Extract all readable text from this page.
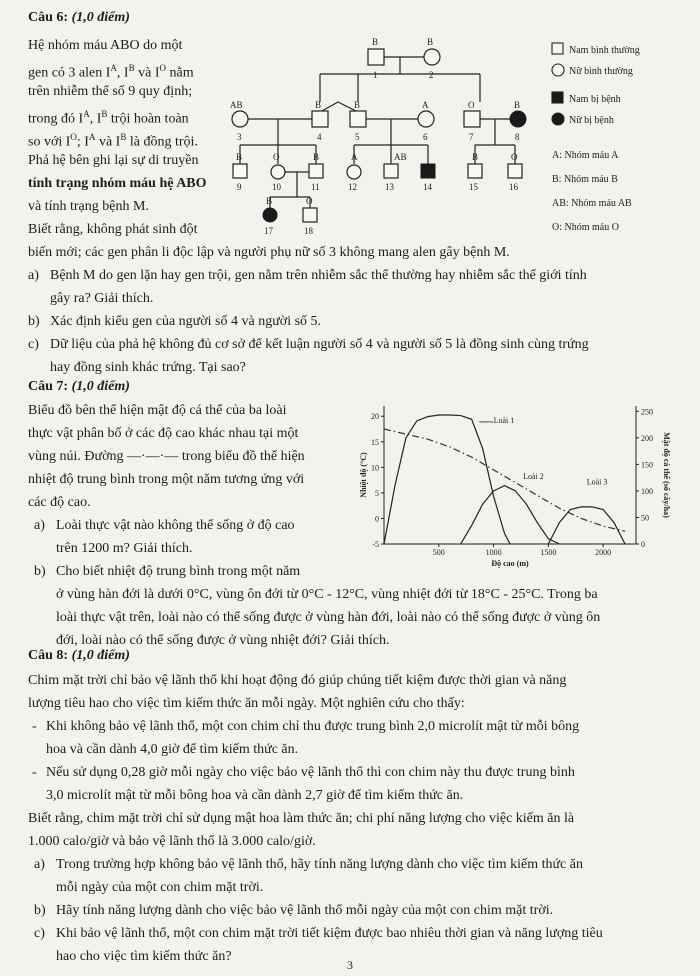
Câu 6: (1,0 điểm)
Hệ nhóm máu ABO do một
gen có 3 alen $I^A$, $I^B$ và $I^O$ nằm
trên nhiễm thể số 9 quy định;
trong đó $I^A$, $I^B$ trội hoàn toàn
so với $I^O$; $I^A$ và $I^B$ là đồng trội.
Phả hệ bên ghi lại sự di truyền
tính trạng nhóm máu hệ ABO
và tính trạng bệnh M.
Biết rằng, không phát sinh đột
biến mới; các gen phân li độc lập và người phụ nữ số 3 không mang alen gây bệnh M.
a) Bệnh M do gen lặn hay gen trội, gen nằm trên nhiễm sắc thể thường hay nhiễm sắc thể giới tính
gây ra? Giải thích.
b) Xác định kiểu gen của người số 4 và người số 5.
c) Dữ liệu của phả hệ không đủ cơ sở để kết luận người số 4 và người số 5 là đồng sinh cùng trứng
hay đồng sinh khác trứng. Tại sao?
B	B
AB	B	B	A	O	B
B	O	B	A	AB	B	O
B	O
1	2
3	4	5	6	7	8
9	10	11	12	13	14	15	16
17	18
Nam bình thường
Nữ bình thường
Nam bị bệnh
Nữ bị bệnh
A: Nhóm máu A
B: Nhóm máu B
AB: Nhóm máu AB
O: Nhóm máu O
Câu 7: (1,0 điểm)
Biểu đồ bên thể hiện mật độ cá thể của ba loài
thực vật phân bố ở các độ cao khác nhau tại một
vùng núi. Đường —·—·— trong biểu đồ thể hiện
nhiệt độ trung bình trong một năm tương ứng với
các độ cao.
a) Loài thực vật nào không thể sống ở độ cao
trên 1200 m? Giải thích.
b) Cho biết nhiệt độ trung bình trong một năm
ở vùng hàn đới là dưới 0°C, vùng ôn đới từ 0°C - 12°C, vùng nhiệt đới từ 18°C - 25°C. Trong ba
loài thực vật trên, loài nào có thể sống được ở vùng hàn đới, loài nào có thể sống được ở vùng ôn
đới, loài nào có thể sống được ở vùng nhiệt đới? Giải thích.
500	1000	1500	2000
-5
0
5
10
15
20
0
50
100
150
200
250
Độ cao (m)
Nhiệt độ (°C)	Mật độ cá thể (số cây/ha)
Loài 1
Loài 2
Loài 3
Câu 8: (1,0 điểm)
Chim mặt trời chỉ bảo vệ lãnh thổ khi hoạt động đó giúp chúng tiết kiệm được thời gian và năng
lượng tiêu hao cho việc tìm kiếm thức ăn mỗi ngày. Một nghiên cứu cho thấy:
- Khi không bảo vệ lãnh thổ, một con chim chỉ thu được trung bình 2,0 microlít mật từ mỗi bông
hoa và cần dành 4,0 giờ để tìm kiếm thức ăn.
- Nếu sử dụng 0,28 giờ mỗi ngày cho việc bảo vệ lãnh thổ thì con chim này thu được trung bình
3,0 microlít mật từ mỗi bông hoa và cần dành 2,7 giờ để tìm kiếm thức ăn.
Biết rằng, chim mặt trời chỉ sử dụng mật hoa làm thức ăn; chi phí năng lượng cho việc kiếm ăn là
1.000 calo/giờ và bảo vệ lãnh thổ là 3.000 calo/giờ.
a) Trong trường hợp không bảo vệ lãnh thổ, hãy tính năng lượng dành cho việc tìm kiếm thức ăn
mỗi ngày của một con chim mặt trời.
b) Hãy tính năng lượng dành cho việc bảo vệ lãnh thổ mỗi ngày của một con chim mặt trời.
c) Khi bảo vệ lãnh thổ, một con chim mặt trời tiết kiệm được bao nhiêu thời gian và năng lượng tiêu
hao cho việc tìm kiếm thức ăn?
3
